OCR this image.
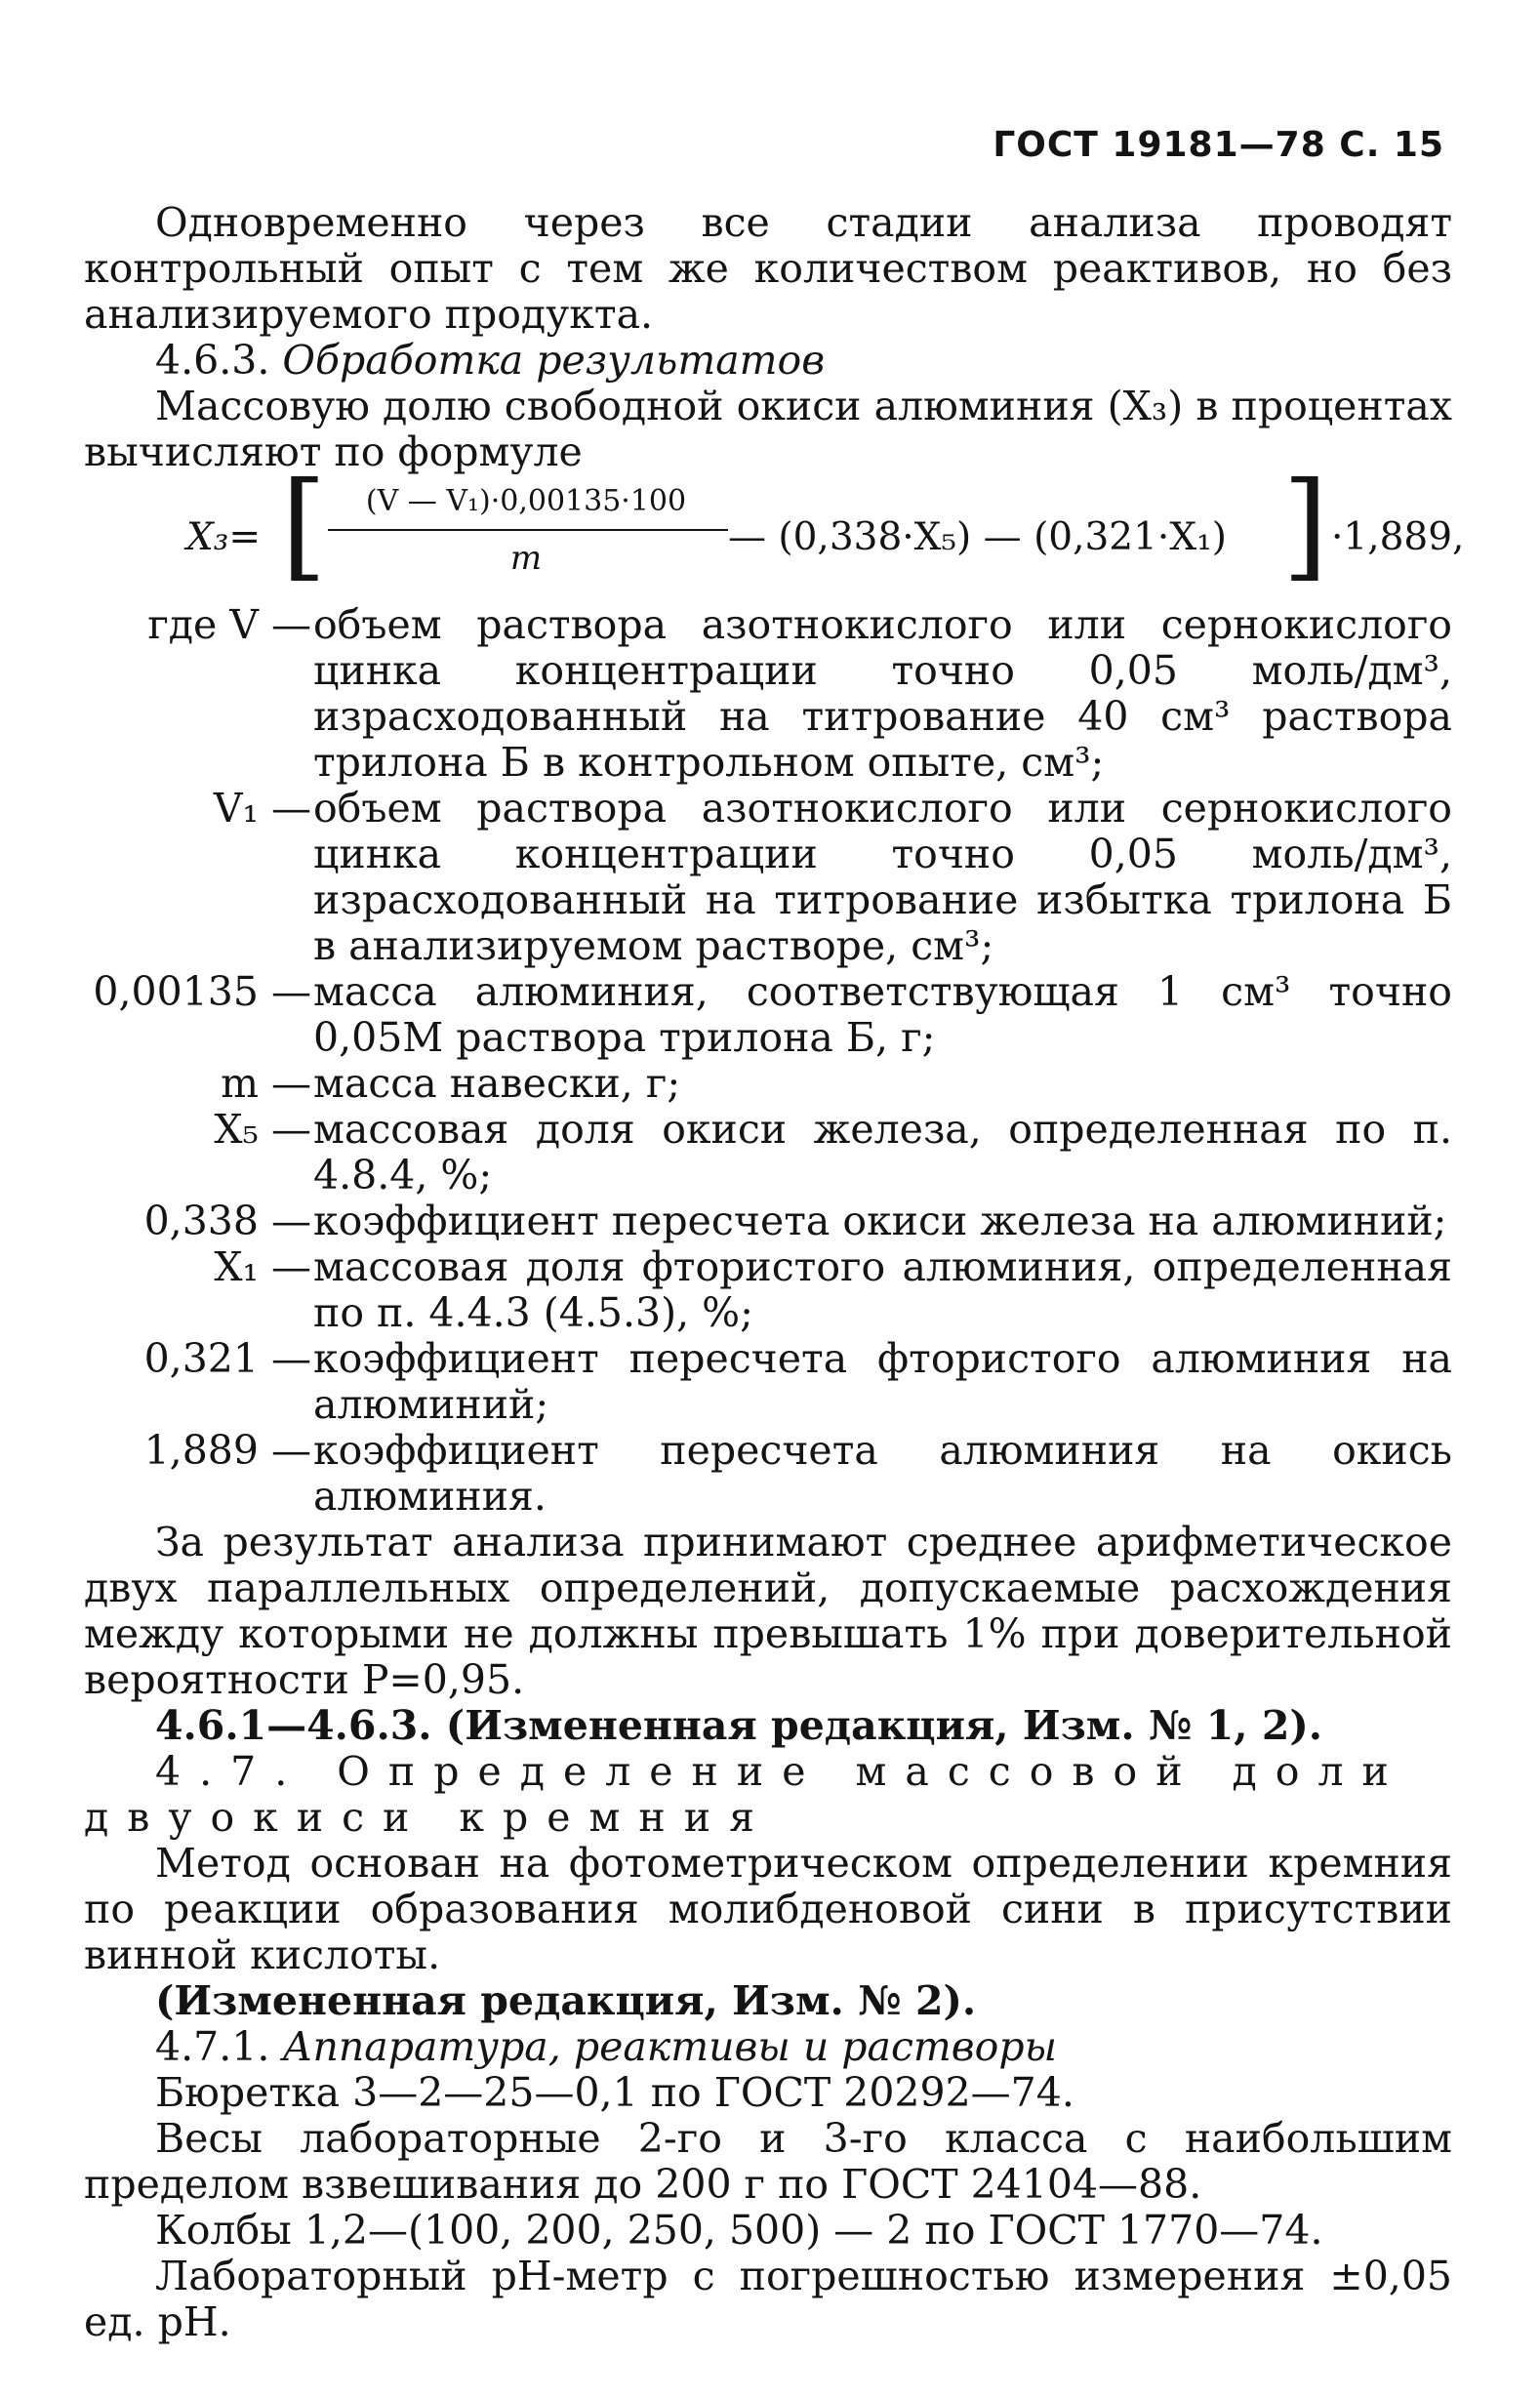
ГОСТ 19181—78 С. 15

Одновременно через все стадии анализа проводят контрольный опыт с тем же количеством реактивов, но без анализируемого продукта.

4.6.3. Обработка результатов

Массовую долю свободной окиси алюминия (X₃) в процентах вычисляют по формуле

X₃= [	(V — V₁)·0,00135·100
m	— (0,338·X₅) — (0,321·X₁) ] ·1,889,
где V — объем раствора азотнокислого или сернокислого цинка концентрации точно 0,05 моль/дм³, израсходованный на титрование 40 см³ раствора трилона Б в контрольном опыте, см³;
V₁ — объем раствора азотнокислого или сернокислого цинка концентрации точно 0,05 моль/дм³, израсходованный на титрование избытка трилона Б в анализируемом растворе, см³;
0,00135 — масса алюминия, соответствующая 1 см³ точно 0,05М раствора трилона Б, г;
m — масса навески, г;
X₅ — массовая доля окиси железа, определенная по п. 4.8.4, %;
0,338 — коэффициент пересчета окиси железа на алюминий;
X₁ — массовая доля фтористого алюминия, определенная по п. 4.4.3 (4.5.3), %;
0,321 — коэффициент пересчета фтористого алюминия на алюминий;
1,889 — коэффициент пересчета алюминия на окись алюминия.

За результат анализа принимают среднее арифметическое двух параллельных определений, допускаемые расхождения между которыми не должны превышать 1% при доверительной вероятности P=0,95.

4.6.1—4.6.3. (Измененная редакция, Изм. № 1, 2).

4.7. Определение массовой доли двуокиси кремния

Метод основан на фотометрическом определении кремния по реакции образования молибденовой сини в присутствии винной кислоты.

(Измененная редакция, Изм. № 2).

4.7.1. Аппаратура, реактивы и растворы

Бюретка 3—2—25—0,1 по ГОСТ 20292—74.

Весы лабораторные 2-го и 3-го класса с наибольшим пределом взвешивания до 200 г по ГОСТ 24104—88.

Колбы 1,2—(100, 200, 250, 500) — 2 по ГОСТ 1770—74.

Лабораторный рН-метр с погрешностью измерения ±0,05 ед. рН.
